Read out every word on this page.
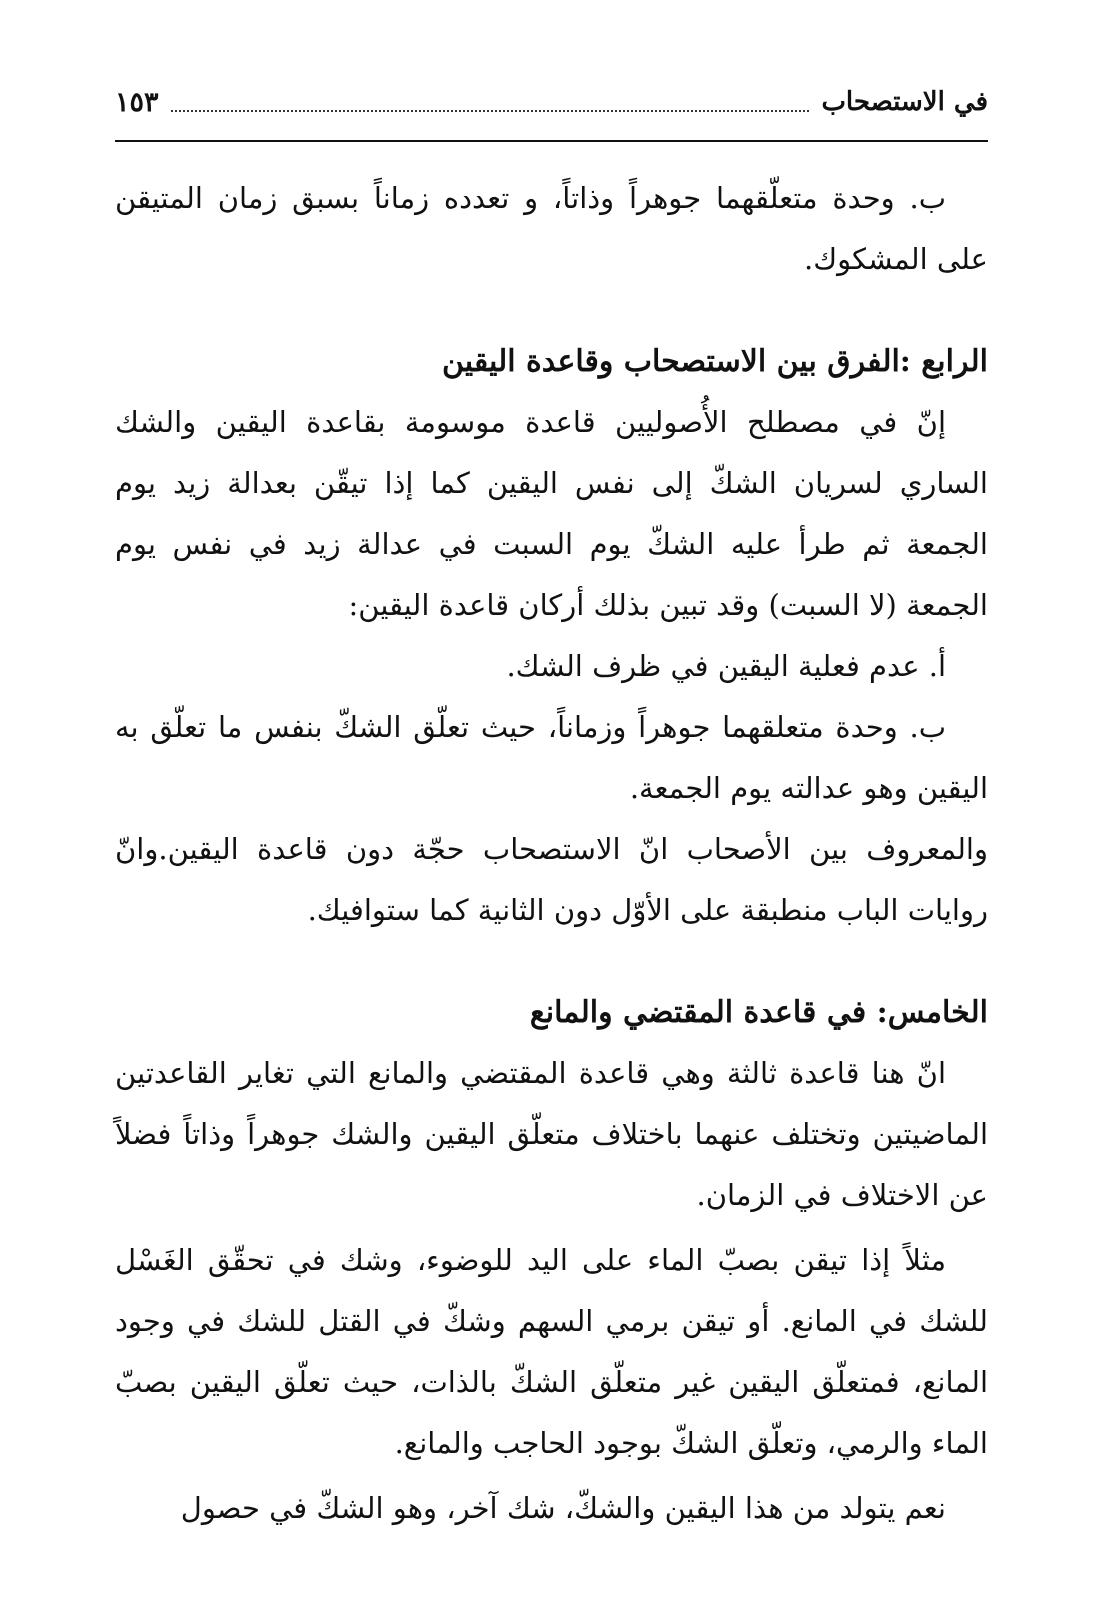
في الاستصحاب
١٥٣

ب. وحدة متعلّقهما جوهراً وذاتاً، و تعدده زماناً بسبق زمان المتيقن على المشكوك.

الرابع :الفرق بين الاستصحاب وقاعدة اليقين

إنّ في مصطلح الأُصوليين قاعدة موسومة بقاعدة اليقين والشك الساري لسريان الشكّ إلى نفس اليقين كما إذا تيقّن بعدالة زيد يوم الجمعة ثم طرأ عليه الشكّ يوم السبت في عدالة زيد في نفس يوم الجمعة (لا السبت) وقد تبين بذلك أركان قاعدة اليقين:

أ. عدم فعلية اليقين في ظرف الشك.

ب. وحدة متعلقهما جوهراً وزماناً، حيث تعلّق الشكّ بنفس ما تعلّق به اليقين وهو عدالته يوم الجمعة.

والمعروف بين الأصحاب انّ الاستصحاب حجّة دون قاعدة اليقين.وانّ روايات الباب منطبقة على الأوّل دون الثانية كما ستوافيك.

الخامس: في قاعدة المقتضي والمانع

انّ هنا قاعدة ثالثة وهي قاعدة المقتضي والمانع التي تغاير القاعدتين الماضيتين وتختلف عنهما باختلاف متعلّق اليقين والشك جوهراً وذاتاً فضلاً عن الاختلاف في الزمان.

مثلاً إذا تيقن بصبّ الماء على اليد للوضوء، وشك في تحقّق الغَسْل للشك في المانع. أو تيقن برمي السهم وشكّ في القتل للشك في وجود المانع، فمتعلّق اليقين غير متعلّق الشكّ بالذات، حيث تعلّق اليقين بصبّ الماء والرمي، وتعلّق الشكّ بوجود الحاجب والمانع.

نعم يتولد من هذا اليقين والشكّ، شك آخر، وهو الشكّ في حصول
